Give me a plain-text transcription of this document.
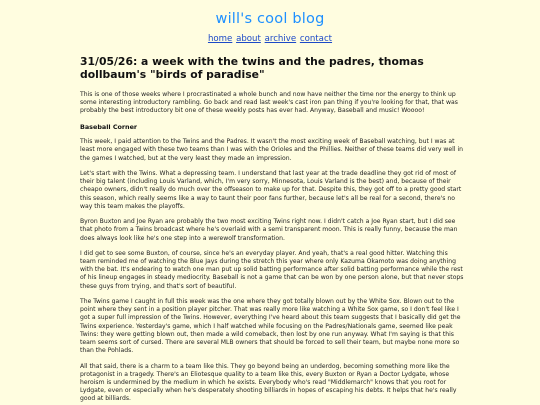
will's cool blog
home about archive contact
31/05/26: a week with the twins and the padres, thomas dollbaum's "birds of paradise"

This is one of those weeks where I procrastinated a whole bunch and now have neither the time nor the energy to think up some interesting introductory rambling. Go back and read last week's cast iron pan thing if you're looking for that, that was probably the best introductory bit one of these weekly posts has ever had. Anyway, Baseball and music! Woooo!

Baseball Corner

This week, I paid attention to the Twins and the Padres. It wasn't the most exciting week of Baseball watching, but I was at least more engaged with these two teams than I was with the Orioles and the Phillies. Neither of these teams did very well in the games I watched, but at the very least they made an impression.

Let's start with the Twins. What a depressing team. I understand that last year at the trade deadline they got rid of most of their big talent (including Louis Varland, which, I'm very sorry, Minnesota, Louis Varland is the best) and, because of their cheapo owners, didn't really do much over the offseason to make up for that. Despite this, they got off to a pretty good start this season, which really seems like a way to taunt their poor fans further, because let's all be real for a second, there's no way this team makes the playoffs.

Byron Buxton and Joe Ryan are probably the two most exciting Twins right now. I didn't catch a Joe Ryan start, but I did see that photo from a Twins broadcast where he's overlaid with a semi transparent moon. This is really funny, because the man does always look like he's one step into a werewolf transformation.

I did get to see some Buxton, of course, since he's an everyday player. And yeah, that's a real good hitter. Watching this team reminded me of watching the Blue Jays during the stretch this year where only Kazuma Okamoto was doing anything with the bat. It's endearing to watch one man put up solid batting performance after solid batting performance while the rest of his lineup engages in steady mediocrity. Baseball is not a game that can be won by one person alone, but that never stops these guys from trying, and that's sort of beautiful.

The Twins game I caught in full this week was the one where they got totally blown out by the White Sox. Blown out to the point where they sent in a position player pitcher. That was really more like watching a White Sox game, so I don't feel like I got a super full impression of the Twins. However, everything I've heard about this team suggests that I basically did get the Twins experience. Yesterday's game, which I half watched while focusing on the Padres/Nationals game, seemed like peak Twins: they were getting blown out, then made a wild comeback, then lost by one run anyway. What I'm saying is that this team seems sort of cursed. There are several MLB owners that should be forced to sell their team, but maybe none more so than the Pohlads.

All that said, there is a charm to a team like this. They go beyond being an underdog, becoming something more like the protagonist in a tragedy. There's an Eliotesque quality to a team like this, every Buxton or Ryan a Doctor Lydgate, whose heroism is undermined by the medium in which he exists. Everybody who's read "Middlemarch" knows that you root for Lydgate, even or especially when he's desperately shooting billiards in hopes of escaping his debts. It helps that he's really good at billiards.
